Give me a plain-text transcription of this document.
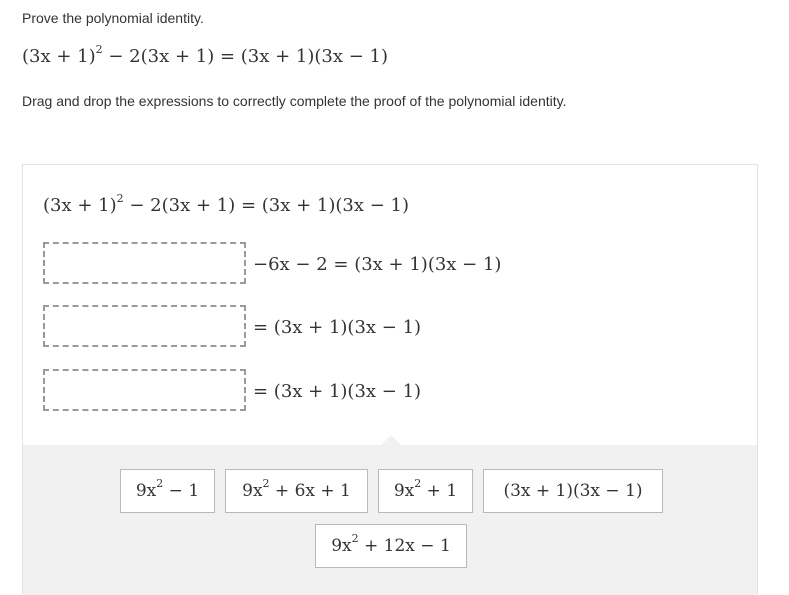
Prove the polynomial identity.
$(3x + 1)^2 - 2(3x + 1) = (3x + 1)(3x - 1)$
Drag and drop the expressions to correctly complete the proof of the polynomial identity.
$(3x + 1)^2 - 2(3x + 1) = (3x + 1)(3x - 1)$
−6x − 2 = (3x + 1)(3x − 1)
= (3x + 1)(3x − 1)
= (3x + 1)(3x − 1)
$9x^2 - 1$	$9x^2 + 6x + 1$	$9x^2 + 1$	(3x + 1)(3x − 1)
$9x^2 + 12x - 1$
